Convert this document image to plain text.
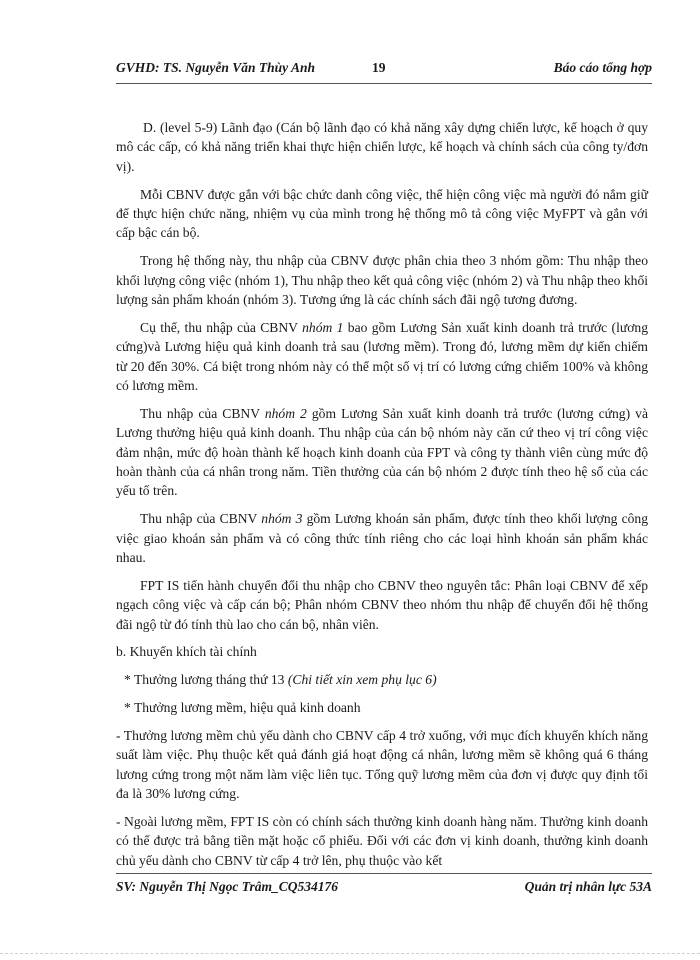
GVHD: TS. Nguyễn Văn Thùy Anh	19	Báo cáo tổng hợp

D. (level 5-9) Lãnh đạo (Cán bộ lãnh đạo có khả năng xây dựng chiến lược, kế hoạch ở quy mô các cấp, có khả năng triển khai thực hiện chiến lược, kế hoạch và chính sách của công ty/đơn vị).

Mỗi CBNV được gắn với bậc chức danh công việc, thể hiện công việc mà người đó nắm giữ để thực hiện chức năng, nhiệm vụ của mình trong hệ thống mô tả công việc MyFPT và gắn với cấp bậc cán bộ.

Trong hệ thống này, thu nhập của CBNV được phân chia theo 3 nhóm gồm: Thu nhập theo khối lượng công việc (nhóm 1), Thu nhập theo kết quả công việc (nhóm 2) và Thu nhập theo khối lượng sản phẩm khoán (nhóm 3). Tương ứng là các chính sách đãi ngộ tương đương.

Cụ thể, thu nhập của CBNV nhóm 1 bao gồm Lương Sản xuất kinh doanh trả trước (lương cứng)và Lương hiệu quả kinh doanh trả sau (lương mềm). Trong đó, lương mềm dự kiến chiếm từ 20 đến 30%. Cá biệt trong nhóm này có thể một số vị trí có lương cứng chiếm 100% và không có lương mềm.

Thu nhập của CBNV nhóm 2 gồm Lương Sản xuất kinh doanh trả trước (lương cứng) và Lương thưởng hiệu quả kinh doanh. Thu nhập của cán bộ nhóm này căn cứ theo vị trí công việc đảm nhận, mức độ hoàn thành kế hoạch kinh doanh của FPT và công ty thành viên cùng mức độ hoàn thành của cá nhân trong năm. Tiền thưởng của cán bộ nhóm 2 được tính theo hệ số của các yếu tố trên.

Thu nhập của CBNV nhóm 3 gồm Lương khoán sản phẩm, được tính theo khối lượng công việc giao khoán sản phẩm và có công thức tính riêng cho các loại hình khoán sản phẩm khác nhau.

FPT IS tiến hành chuyển đổi thu nhập cho CBNV theo nguyên tắc: Phân loại CBNV để xếp ngạch công việc và cấp cán bộ; Phân nhóm CBNV theo nhóm thu nhập để chuyển đổi hệ thống đãi ngộ từ đó tính thù lao cho cán bộ, nhân viên.

b. Khuyến khích tài chính

* Thưởng lương tháng thứ 13 (Chi tiết xin xem phụ lục 6)

* Thưởng lương mềm, hiệu quả kinh doanh

- Thưởng lương mềm chủ yếu dành cho CBNV cấp 4 trở xuống, với mục đích khuyến khích năng suất làm việc. Phụ thuộc kết quả đánh giá hoạt động cá nhân, lương mềm sẽ không quá 6 tháng lương cứng trong một năm làm việc liên tục. Tổng quỹ lương mềm của đơn vị được quy định tối đa là 30% lương cứng.

- Ngoài lương mềm, FPT IS còn có chính sách thưởng kinh doanh hàng năm. Thưởng kinh doanh có thể được trả bằng tiền mặt hoặc cổ phiếu. Đối với các đơn vị kinh doanh, thưởng kinh doanh chủ yếu dành cho CBNV từ cấp 4 trở lên, phụ thuộc vào kết

SV: Nguyễn Thị Ngọc Trâm_CQ534176	Quản trị nhân lực 53A
